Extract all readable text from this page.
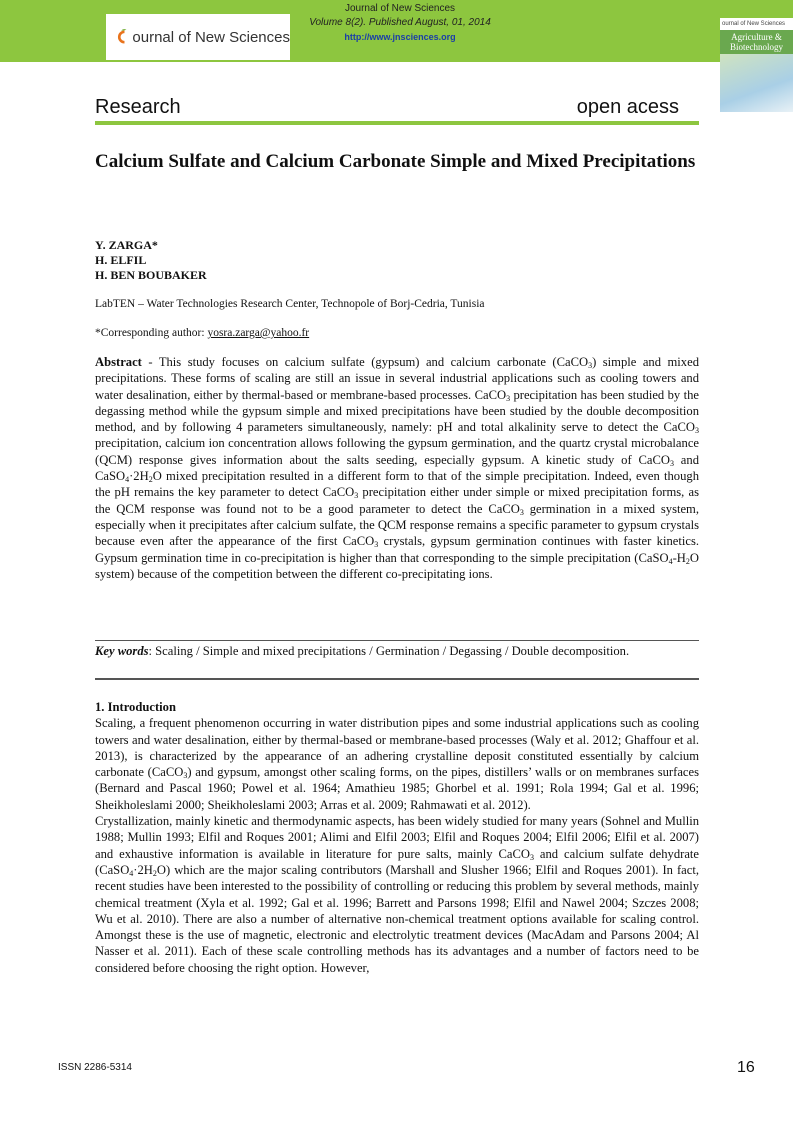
ournal of New Sciences
Journal of New Sciences
Volume 8(2). Published August, 01, 2014
http://www.jnsciences.org
ournal of New Sciences
Agriculture & Biotechnology
Research	open acess
Calcium Sulfate and Calcium Carbonate Simple and Mixed Precipitations
Y. ZARGA*
H. ELFIL
H. BEN BOUBAKER
LabTEN – Water Technologies Research Center, Technopole of Borj-Cedria, Tunisia
*Corresponding author: yosra.zarga@yahoo.fr
Abstract - This study focuses on calcium sulfate (gypsum) and calcium carbonate (CaCO$_3$) simple and mixed precipitations. These forms of scaling are still an issue in several industrial applications such as cooling towers and water desalination, either by thermal-based or membrane-based processes. CaCO$_3$ precipitation has been studied by the degassing method while the gypsum simple and mixed precipitations have been studied by the double decomposition method, and by following 4 parameters simultaneously, namely: pH and total alkalinity serve to detect the CaCO$_3$ precipitation, calcium ion concentration allows following the gypsum germination, and the quartz crystal microbalance (QCM) response gives information about the salts seeding, especially gypsum. A kinetic study of CaCO$_3$ and $CaSO_4\cdot 2H_2O$ mixed precipitation resulted in a different form to that of the simple precipitation. Indeed, even though the pH remains the key parameter to detect CaCO$_3$ precipitation either under simple or mixed precipitation forms, as the QCM response was found not to be a good parameter to detect the CaCO$_3$ germination in a mixed system, especially when it precipitates after calcium sulfate, the QCM response remains a specific parameter to gypsum crystals because even after the appearance of the first CaCO$_3$ crystals, gypsum germination continues with faster kinetics. Gypsum germination time in co-precipitation is higher than that corresponding to the simple precipitation ($CaSO_4-H_2O$ system) because of the competition between the different co-precipitating ions.
Key words: Scaling / Simple and mixed precipitations / Germination / Degassing / Double decomposition.
1. Introduction

Scaling, a frequent phenomenon occurring in water distribution pipes and some industrial applications such as cooling towers and water desalination, either by thermal-based or membrane-based processes (Waly et al. 2012; Ghaffour et al. 2013), is characterized by the appearance of an adhering crystalline deposit constituted essentially by calcium carbonate (CaCO$_3$) and gypsum, amongst other scaling forms, on the pipes, distillers’ walls or on membranes surfaces (Bernard and Pascal 1960; Powel et al. 1964; Amathieu 1985; Ghorbel et al. 1991; Rola 1994; Gal et al. 1996; Sheikholeslami 2000; Sheikholeslami 2003; Arras et al. 2009; Rahmawati et al. 2012).

Crystallization, mainly kinetic and thermodynamic aspects, has been widely studied for many years (Sohnel and Mullin 1988; Mullin 1993; Elfil and Roques 2001; Alimi and Elfil 2003; Elfil and Roques 2004; Elfil 2006; Elfil et al. 2007) and exhaustive information is available in literature for pure salts, mainly CaCO$_3$ and calcium sulfate dehydrate $(CaSO_4\cdot 2H_2O)$ which are the major scaling contributors (Marshall and Slusher 1966; Elfil and Roques 2001). In fact, recent studies have been interested to the possibility of controlling or reducing this problem by several methods, mainly chemical treatment (Xyla et al. 1992; Gal et al. 1996; Barrett and Parsons 1998; Elfil and Nawel 2004; Szczes 2008; Wu et al. 2010). There are also a number of alternative non-chemical treatment options available for scaling control. Amongst these is the use of magnetic, electronic and electrolytic treatment devices (MacAdam and Parsons 2004; Al Nasser et al. 2011). Each of these scale controlling methods has its advantages and a number of factors need to be considered before choosing the right option. However,

ISSN 2286-5314	16
